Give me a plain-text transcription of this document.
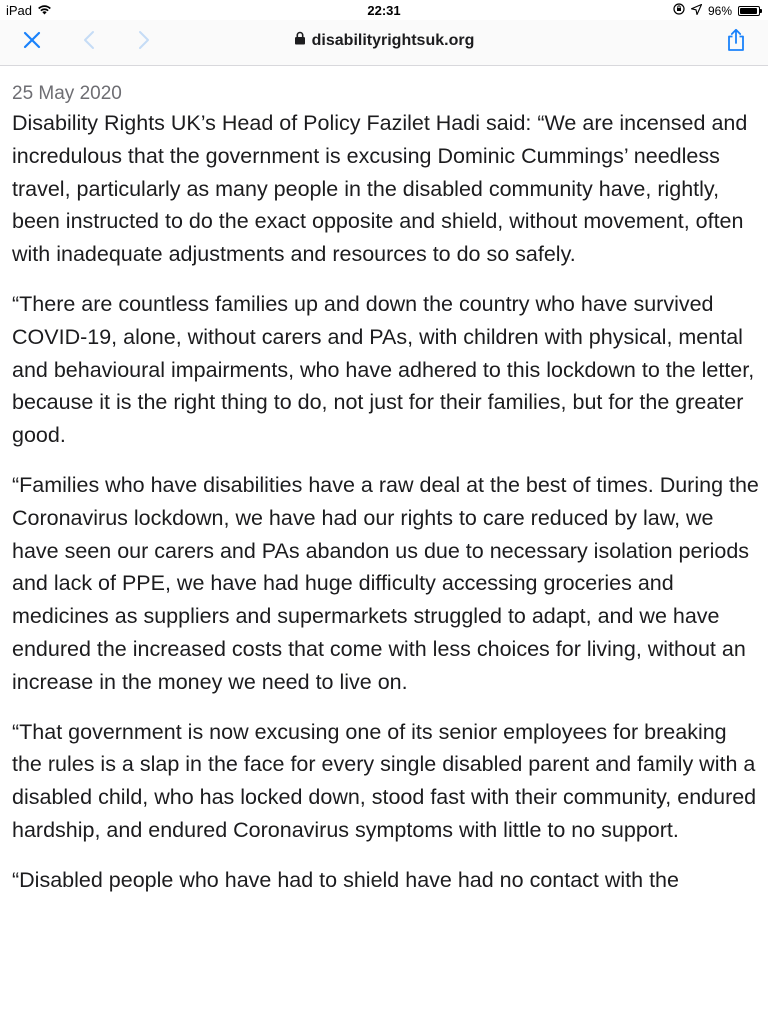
iPad	22:31	96%
disabilityrightsuk.org

25 May 2020

Disability Rights UK’s Head of Policy Fazilet Hadi said: “We are incensed and incredulous that the government is excusing Dominic Cummings’ needless travel, particularly as many people in the disabled community have, rightly, been instructed to do the exact opposite and shield, without movement, often with inadequate adjustments and resources to do so safely.

“There are countless families up and down the country who have survived COVID-19, alone, without carers and PAs, with children with physical, mental and behavioural impairments, who have adhered to this lockdown to the letter, because it is the right thing to do, not just for their families, but for the greater good.

“Families who have disabilities have a raw deal at the best of times. During the Coronavirus lockdown, we have had our rights to care reduced by law, we have seen our carers and PAs abandon us due to necessary isolation periods and lack of PPE, we have had huge difficulty accessing groceries and medicines as suppliers and supermarkets struggled to adapt, and we have endured the increased costs that come with less choices for living, without an increase in the money we need to live on.

“That government is now excusing one of its senior employees for breaking the rules is a slap in the face for every single disabled parent and family with a disabled child, who has locked down, stood fast with their community, endured hardship, and endured Coronavirus symptoms with little to no support.

“Disabled people who have had to shield have had no contact with the
